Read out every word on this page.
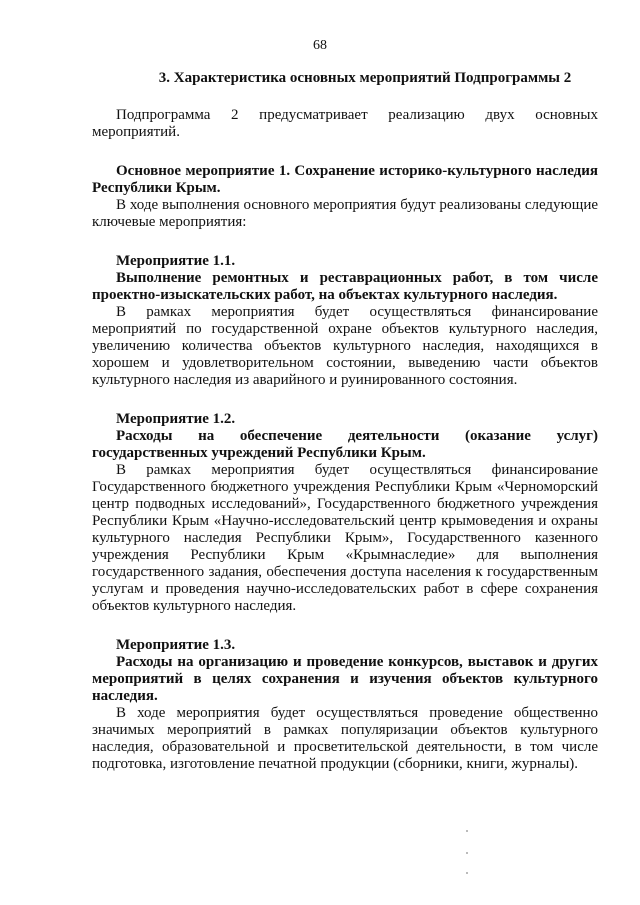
68
3. Характеристика основных мероприятий Подпрограммы 2

Подпрограмма 2 предусматривает реализацию двух основных мероприятий.

Основное мероприятие 1. Сохранение историко-культурного наследия Республики Крым.

В ходе выполнения основного мероприятия будут реализованы следующие ключевые мероприятия:

Мероприятие 1.1.

Выполнение ремонтных и реставрационных работ, в том числе проектно-изыскательских работ, на объектах культурного наследия.

В рамках мероприятия будет осуществляться финансирование мероприятий по государственной охране объектов культурного наследия, увеличению количества объектов культурного наследия, находящихся в хорошем и удовлетворительном состоянии, выведению части объектов культурного наследия из аварийного и руинированного состояния.

Мероприятие 1.2.

Расходы на обеспечение деятельности (оказание услуг) государственных учреждений Республики Крым.

В рамках мероприятия будет осуществляться финансирование Государственного бюджетного учреждения Республики Крым «Черноморский центр подводных исследований», Государственного бюджетного учреждения Республики Крым «Научно-исследовательский центр крымоведения и охраны культурного наследия Республики Крым», Государственного казенного учреждения Республики Крым «Крымнаследие» для выполнения государственного задания, обеспечения доступа населения к государственным услугам и проведения научно-исследовательских работ в сфере сохранения объектов культурного наследия.

Мероприятие 1.3.

Расходы на организацию и проведение конкурсов, выставок и других мероприятий в целях сохранения и изучения объектов культурного наследия.

В ходе мероприятия будет осуществляться проведение общественно значимых мероприятий в рамках популяризации объектов культурного наследия, образовательной и просветительской деятельности, в том числе подготовка, изготовление печатной продукции (сборники, книги, журналы).
